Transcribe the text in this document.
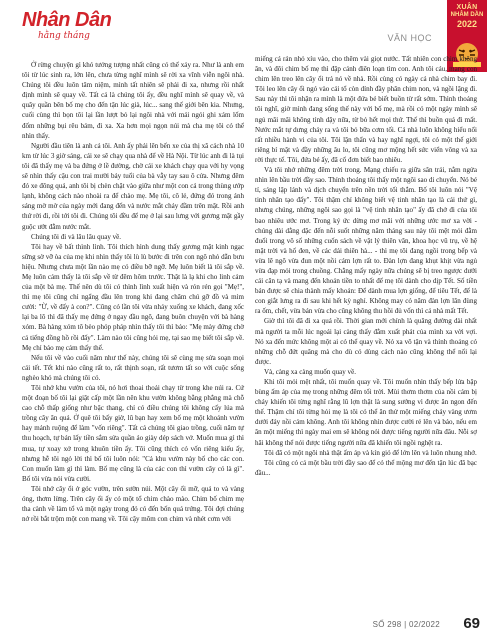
Nhân Dân
hằng tháng	VĂN HỌC
XUÂN
NHÂM DẦN
2022

Ở rừng chuyện gì khó tưởng tượng nhất cũng có thể xảy ra. Như là anh em tôi từ lúc sinh ra, lớn lên, chưa từng nghĩ mình sẽ rời xa vĩnh viễn ngôi nhà. Chúng tôi đều luôn tâm niệm, mình tất nhiên sẽ phải đi xa, nhưng rồi nhất định mình sẽ quay về. Tất cả là chúng tôi ấy, đều nghĩ mình sẽ quay về, và quây quần bên bố mẹ cho đến tận lúc già, lúc... sang thế giới bên kia. Nhưng, cuối cùng thì bọn tôi lại lần lượt bỏ lại ngôi nhà với mái ngói ghi xám lốm đốm những bụi rêu bám, đi xa. Xa hơn mọi ngọn núi mà cha mẹ tôi có thể nhìn thấy.

Người đầu tiên là anh cả tôi. Anh ấy phải lên bến xe của thị xã cách nhà 10 km từ lúc 3 giờ sáng, cái xe sẽ chạy qua nhà để về Hà Nội. Từ lúc anh đi là tụi tôi đã thấy mẹ và ba đứng ở lề đường, chờ cái xe khách chạy qua với hy vọng sẽ nhìn thấy cậu con trai mười bảy tuổi của bà vẫy tay sau ô cửa. Nhưng đêm đó xe đông quá, anh tôi bị chèn chặt vào giữa như một con cá trong thùng ướp lạnh, không cách nào nhoài ra để chào mẹ. Mẹ tôi, cô lẻ, đứng đó trong ánh sáng mờ mờ của ngày mới đang đến và nước mắt chảy đầm trên mặt. Rồi anh thứ rời đi, rồi tới tôi đi. Chúng tôi đều để mẹ ở lại sau lưng với gương mặt gầy guộc ướt đẫm nước mắt.

Chúng tôi đi và lâu lâu quay về.

Tôi hay về bất thình lình. Tôi thích hình dung thấy gương mặt kinh ngạc sững sờ vỡ òa của mẹ khi nhìn thấy tôi lù lù bước đi trên con ngõ nhỏ dẫn bưu hiệu. Nhưng chưa một lần nào mẹ có điều bỡ ngỡ. Mẹ luôn biết là tôi sắp về. Mẹ luôn cảm thấy là tôi sắp về từ đêm hôm trước. Thật là lạ khi cho linh cảm của một bà mẹ. Thế nên dù tôi có thình lình xuất hiện và rón rén gọi "Mẹ!", thì mẹ tôi cũng chỉ ngẩng đầu lên trong khi đang chăm chú gỡ đồ và mỉm cười: "Ừ, về đấy à con?". Cũng có lần tôi vừa nhảy xuống xe khách, đang xốc lại ba lô thì đã thấy mẹ đứng ở ngay đầu ngõ, đang buôn chuyện với bà hàng xóm. Bà hàng xóm tô bèo phóp pháp nhìn thấy tôi thì bảo: "Mẹ mày đứng chờ cả tiếng đồng hồ rồi đấy". Làm nào tôi cũng hỏi mẹ, tại sao mẹ biết tôi sắp về. Mẹ chỉ bảo mẹ cảm thấy thế.

Nếu tôi về vào cuối năm như thế này, chúng tôi sẽ cùng mẹ sửa soạn mọi cái tết. Tết khi nào cũng rất to, rất thịnh soạn, rất tươm tất so với cuộc sống nghèo khó mà chúng tôi có.

Tôi nhớ khu vườn của tôi, nó hơi thoai thoải chạy từ trong khe núi ra. Cứ một đoạn bố tôi lại giật cấp một lần nên khu vườn không bằng phẳng mà chỗ cao chỗ thấp giống như bậc thang, chỉ có điều chúng tôi không cấy lúa mà trồng cây ăn quả. Ở quê tôi bấy giờ, lũ bạn hay xem bố mẹ một khoảnh vườn hay mảnh ruộng để làm "vốn riêng". Tất cả chúng tôi giao trồng, cuối năm tự thu hoạch, tự bán lấy tiền sắm sửa quần áo giày dép sách vở. Muốn mua gì thì mua, tự xoay xở trong khuôn tiền ấy. Tôi cũng thích có vốn riêng kiểu ấy, nhưng hễ tôi ngỏ lời thì bố tôi luôn nói: "Cả khu vườn này bố cho các con. Con muốn làm gì thì làm. Bố mẹ cũng là của các con thì vườn cây có là gì". Bố tôi vừa nói vừa cười.

Tôi nhớ cây ổi ở góc vườn, trên sườn núi. Một cây ổi mỡ, quả to và vàng óng, thơm lừng. Trên cây ổi ấy có một tổ chim chào mào. Chim bố chim mẹ tha cành về làm tổ và một ngày trong đó có đến bốn quả trứng. Tôi đợi chúng nở rồi bắt trộm một con mang về. Tôi cậy mõm con chim và nhét cơm với

miếng cá rán nhỏ xíu vào, cho thêm vài giọt nước. Tất nhiên con chim không ăn, và đôi chim bố mẹ thì đập cánh điên loạn tìm con. Anh tôi cáu, mang con chim lên treo lên cây ổi trả nó về nhà. Rồi cùng có ngày cả nhà chim bay đi. Tôi leo lên cây ổi ngó vào cái tổ còn dính đầy phân chim non, và ngồi lặng đi. Sau này thì tôi nhận ra mình là một đứa bé biết buồn từ rất sớm. Thình thoảng tôi nghĩ, giờ mình đang sống thế này với bố mẹ, mà rồi có một ngày mình sẽ ngủ mãi mãi không tỉnh dậy nữa, từ bỏ hết mọi thứ. Thế thì buồn quá đi mất. Nước mắt tự dưng chảy ra và tôi bỏ bữa cơm tối. Cả nhà luôn không hiểu nổi rất nhiều hành vi của tôi. Tôi lặn thẩn và hay nghĩ ngợi, tôi có một thế giới riêng bí mật và đầy những âu lo, tôi cũng mơ mộng hết sức viển vông và xa rời thực tế. Tôi, đứa bé ấy, đã cố đơn biết bao nhiêu.

Và tôi nhớ những đêm trời trong. Mạng chiếu ra giữa sân trải, nằm ngửa nhìn lên bầu trời đầy sao. Thỉnh thoảng tôi thấy một ngôi sao di chuyển. Nó bé tí, sáng lập lánh và dịch chuyển trên nền trời tối thẳm. Bố tôi luôn nói "Vệ tinh nhân tạo đấy". Tôi thậm chí không biết vệ tinh nhân tạo là cái thứ gì, nhưng chúng, những ngôi sao gọi là "vệ tinh nhân tạo" ấy đã chở đi của tôi bao nhiêu ước mơ. Trong ký ức dừng mơ mãi với những ước mơ xa vời - chúng dài dằng dặc đến nỗi suốt những năm tháng sau này tôi mệt mỏi đằm đuối trong vô số những cuốn sách về vật lý thiên văn, khoa học vũ trụ, về hệ mặt trời và hố đen, về các dải thiên hà... - thì mẹ tôi đang ngồi trong bếp và vừa lẽ ngõ vừa đun một nồi cám lợn rất to. Đàn lợn đang khụt khịt vừa ngủ vừa đạp mỏi trong chuồng. Chẳng mấy ngày nữa chúng sẽ bị treo ngược dưới cái cân tạ và mang đến khoản tiền to nhất để mẹ tôi dành cho dịp Tết. Số tiền bán được sẽ chia thành mấy khoản: Để dành mua lợn giống, để tiêu Tết, để là con giắt lưng ra đi sau khi hết kỳ nghỉ. Không may có năm đàn lợn lăn đùng ra ốm, chết, vừa bán vừa cho cũng không thu hồi đủ vốn thì cả nhà mất Tết.

Giờ thì tôi đã đi xa quá rồi. Thời gian mới chính là quãng đường dài nhất mà người ta mỗi lúc ngoái lại càng thấy đằm xuất phát của mình xa vời vợi. Nó xa đến mức không một ai có thể quay về. Nó xa vô tận và thỉnh thoảng có những chỗ đứt quãng mà cho dù có dùng cách nào cũng không thể nối lại được.

Và, càng xa càng muốn quay về.

Khi tôi mỏi mệt nhất, tôi muốn quay về. Tôi muốn nhìn thấy bếp lửa bập bùng ấm áp của mẹ trong những đêm tối trời. Mùi thơm thơm của nồi cám bị cháy khiến tôi từng nghĩ rằng lũ lợn thật là sung sướng vì được ăn ngon đến thế. Thậm chí tôi từng hỏi mẹ là tôi có thể ăn thử một miếng cháy vàng ươm dưới đáy nồi cám không. Anh tôi không nhìn được cười rẻ lên và bảo, nếu em ăn một miếng thì ngày mai em sẽ không nói được tiếng người nữa đâu. Nỗi sợ hãi không thể nói được tiếng người nữa đã khiến tôi ngồi nghệt ra.

Tôi đã có một ngôi nhà thật ấm áp và kín gió để lớn lên và luôn nhung nhớ.

Tôi cũng có cả một bầu trời đầy sao để có thể mộng mơ đến tận lúc đã bạc đầu...

SỐ 298 | 02/2022 69
